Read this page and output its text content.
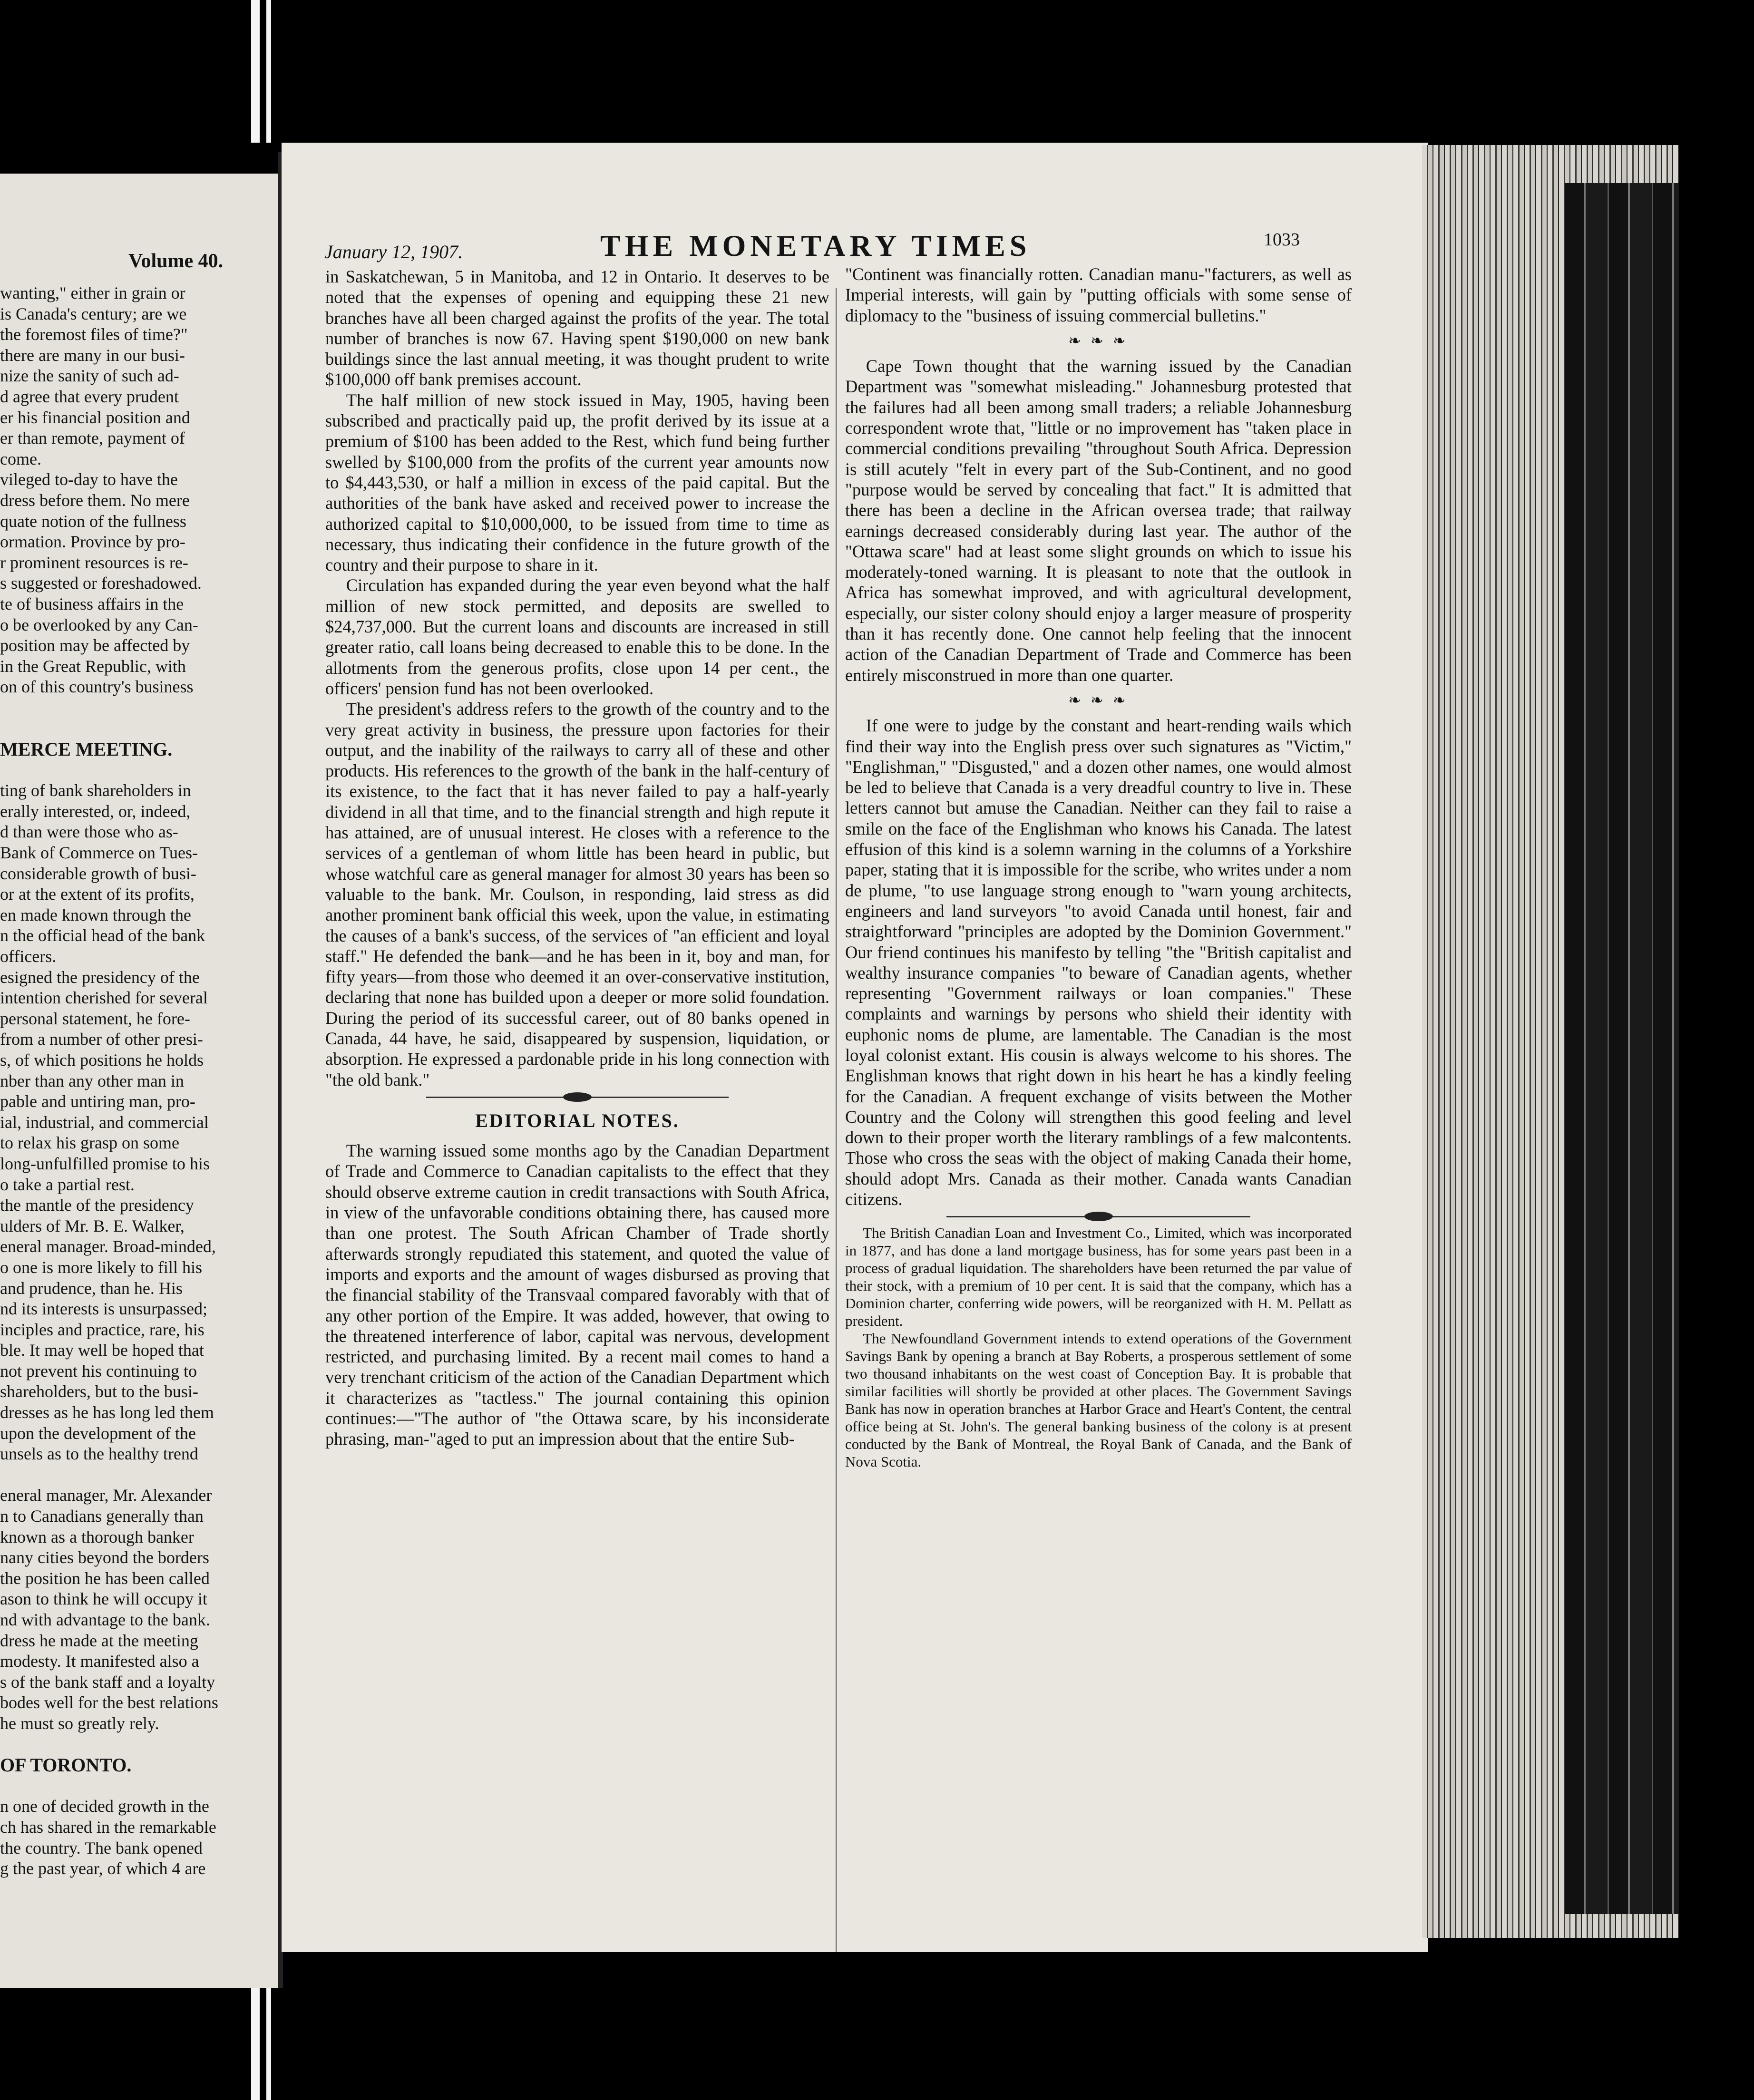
Volume 40.
wanting," either in grain or
is Canada's century; are we
the foremost files of time?"
there are many in our busi-
nize the sanity of such ad-
d agree that every prudent
er his financial position and
er than remote, payment of
come.
vileged to-day to have the
dress before them. No mere
quate notion of the fullness
ormation. Province by pro-
r prominent resources is re-
s suggested or foreshadowed.
te of business affairs in the
o be overlooked by any Can-
position may be affected by
in the Great Republic, with
on of this country's business

MERCE MEETING.

ting of bank shareholders in
erally interested, or, indeed,
d than were those who as-
Bank of Commerce on Tues-
considerable growth of busi-
or at the extent of its profits,
en made known through the
n the official head of the bank
officers.
esigned the presidency of the
intention cherished for several
personal statement, he fore-
from a number of other presi-
s, of which positions he holds
nber than any other man in
pable and untiring man, pro-
ial, industrial, and commercial
to relax his grasp on some
long-unfulfilled promise to his
o take a partial rest.
the mantle of the presidency
ulders of Mr. B. E. Walker,
eneral manager. Broad-minded,
o one is more likely to fill his
and prudence, than he. His
nd its interests is unsurpassed;
inciples and practice, rare, his
ble. It may well be hoped that
not prevent his continuing to
shareholders, but to the busi-
dresses as he has long led them
upon the development of the
unsels as to the healthy trend

eneral manager, Mr. Alexander
n to Canadians generally than
known as a thorough banker
nany cities beyond the borders
the position he has been called
ason to think he will occupy it
nd with advantage to the bank.
dress he made at the meeting
modesty. It manifested also a
s of the bank staff and a loyalty
bodes well for the best relations
he must so greatly rely.

OF TORONTO.

n one of decided growth in the
ch has shared in the remarkable
the country. The bank opened
g the past year, of which 4 are
January 12, 1907.	THE MONETARY TIMES	1033

in Saskatchewan, 5 in Manitoba, and 12 in Ontario. It deserves to be noted that the expenses of opening and equipping these 21 new branches have all been charged against the profits of the year. The total number of branches is now 67. Having spent $190,000 on new bank buildings since the last annual meeting, it was thought prudent to write $100,000 off bank premises account.

The half million of new stock issued in May, 1905, having been subscribed and practically paid up, the profit derived by its issue at a premium of $100 has been added to the Rest, which fund being further swelled by $100,000 from the profits of the current year amounts now to $4,443,530, or half a million in excess of the paid capital. But the authorities of the bank have asked and received power to increase the authorized capital to $10,000,000, to be issued from time to time as necessary, thus indicating their confidence in the future growth of the country and their purpose to share in it.

Circulation has expanded during the year even beyond what the half million of new stock permitted, and deposits are swelled to $24,737,000. But the current loans and discounts are increased in still greater ratio, call loans being decreased to enable this to be done. In the allotments from the generous profits, close upon 14 per cent., the officers' pension fund has not been overlooked.

The president's address refers to the growth of the country and to the very great activity in business, the pressure upon factories for their output, and the inability of the railways to carry all of these and other products. His references to the growth of the bank in the half-century of its existence, to the fact that it has never failed to pay a half-yearly dividend in all that time, and to the financial strength and high repute it has attained, are of unusual interest. He closes with a reference to the services of a gentleman of whom little has been heard in public, but whose watchful care as general manager for almost 30 years has been so valuable to the bank. Mr. Coulson, in responding, laid stress as did another prominent bank official this week, upon the value, in estimating the causes of a bank's success, of the services of "an efficient and loyal staff." He defended the bank—and he has been in it, boy and man, for fifty years—from those who deemed it an over-conservative institution, declaring that none has builded upon a deeper or more solid foundation. During the period of its successful career, out of 80 banks opened in Canada, 44 have, he said, disappeared by suspension, liquidation, or absorption. He expressed a pardonable pride in his long connection with "the old bank."

EDITORIAL NOTES.

The warning issued some months ago by the Canadian Department of Trade and Commerce to Canadian capitalists to the effect that they should observe extreme caution in credit transactions with South Africa, in view of the unfavorable conditions obtaining there, has caused more than one protest. The South African Chamber of Trade shortly afterwards strongly repudiated this statement, and quoted the value of imports and exports and the amount of wages disbursed as proving that the financial stability of the Transvaal compared favorably with that of any other portion of the Empire. It was added, however, that owing to the threatened interference of labor, capital was nervous, development restricted, and purchasing limited. By a recent mail comes to hand a very trenchant criticism of the action of the Canadian Department which it characterizes as "tactless." The journal containing this opinion continues:—"The author of "the Ottawa scare, by his inconsiderate phrasing, man-"aged to put an impression about that the entire Sub-

"Continent was financially rotten. Canadian manu-"facturers, as well as Imperial interests, will gain by "putting officials with some sense of diplomacy to the "business of issuing commercial bulletins."

❧ ❧ ❧

Cape Town thought that the warning issued by the Canadian Department was "somewhat misleading." Johannesburg protested that the failures had all been among small traders; a reliable Johannesburg correspondent wrote that, "little or no improvement has "taken place in commercial conditions prevailing "throughout South Africa. Depression is still acutely "felt in every part of the Sub-Continent, and no good "purpose would be served by concealing that fact." It is admitted that there has been a decline in the African oversea trade; that railway earnings decreased considerably during last year. The author of the "Ottawa scare" had at least some slight grounds on which to issue his moderately-toned warning. It is pleasant to note that the outlook in Africa has somewhat improved, and with agricultural development, especially, our sister colony should enjoy a larger measure of prosperity than it has recently done. One cannot help feeling that the innocent action of the Canadian Department of Trade and Commerce has been entirely misconstrued in more than one quarter.

❧ ❧ ❧

If one were to judge by the constant and heart-rending wails which find their way into the English press over such signatures as "Victim," "Englishman," "Disgusted," and a dozen other names, one would almost be led to believe that Canada is a very dreadful country to live in. These letters cannot but amuse the Canadian. Neither can they fail to raise a smile on the face of the Englishman who knows his Canada. The latest effusion of this kind is a solemn warning in the columns of a Yorkshire paper, stating that it is impossible for the scribe, who writes under a nom de plume, "to use language strong enough to "warn young architects, engineers and land surveyors "to avoid Canada until honest, fair and straightforward "principles are adopted by the Dominion Government." Our friend continues his manifesto by telling "the "British capitalist and wealthy insurance companies "to beware of Canadian agents, whether representing "Government railways or loan companies." These complaints and warnings by persons who shield their identity with euphonic noms de plume, are lamentable. The Canadian is the most loyal colonist extant. His cousin is always welcome to his shores. The Englishman knows that right down in his heart he has a kindly feeling for the Canadian. A frequent exchange of visits between the Mother Country and the Colony will strengthen this good feeling and level down to their proper worth the literary ramblings of a few malcontents. Those who cross the seas with the object of making Canada their home, should adopt Mrs. Canada as their mother. Canada wants Canadian citizens.

The British Canadian Loan and Investment Co., Limited, which was incorporated in 1877, and has done a land mortgage business, has for some years past been in a process of gradual liquidation. The shareholders have been returned the par value of their stock, with a premium of 10 per cent. It is said that the company, which has a Dominion charter, conferring wide powers, will be reorganized with H. M. Pellatt as president.

The Newfoundland Government intends to extend operations of the Government Savings Bank by opening a branch at Bay Roberts, a prosperous settlement of some two thousand inhabitants on the west coast of Conception Bay. It is probable that similar facilities will shortly be provided at other places. The Government Savings Bank has now in operation branches at Harbor Grace and Heart's Content, the central office being at St. John's. The general banking business of the colony is at present conducted by the Bank of Montreal, the Royal Bank of Canada, and the Bank of Nova Scotia.
